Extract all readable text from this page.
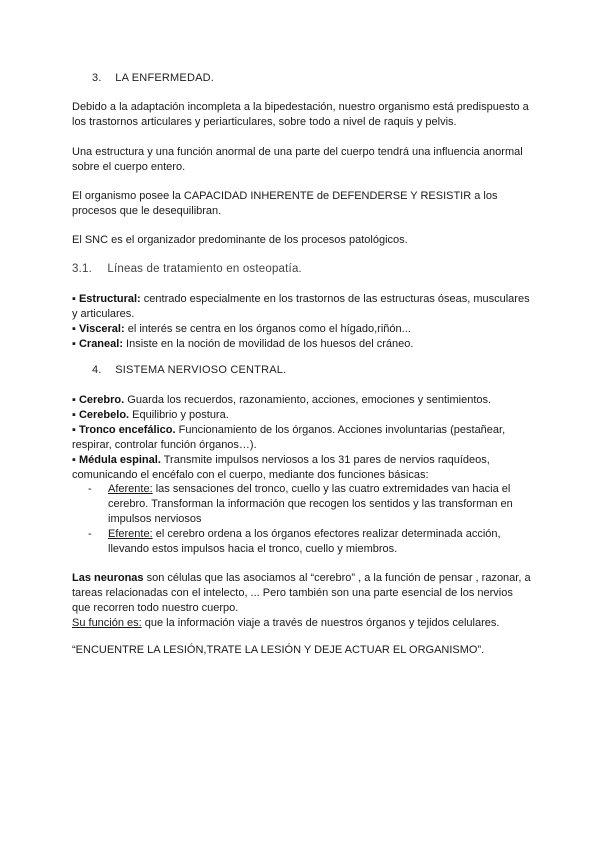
3. LA ENFERMEDAD.

Debido a la adaptación incompleta a la bipedestación, nuestro organismo está predispuesto a los trastornos articulares y periarticulares, sobre todo a nivel de raquis y pelvis.

Una estructura y una función anormal de una parte del cuerpo tendrá una influencia anormal sobre el cuerpo entero.

El organismo posee la CAPACIDAD INHERENTE de DEFENDERSE Y RESISTIR a los procesos que le desequilibran.

El SNC es el organizador predominante de los procesos patológicos.

3.1. Líneas de tratamiento en osteopatía.
▪ Estructural: centrado especialmente en los trastornos de las estructuras óseas, musculares y articulares.
▪ Visceral: el interés se centra en los órganos como el hígado,riñón...
▪ Craneal: Insiste en la noción de movilidad de los huesos del cráneo.
4. SISTEMA NERVIOSO CENTRAL.
▪ Cerebro. Guarda los recuerdos, razonamiento, acciones, emociones y sentimientos.
▪ Cerebelo. Equilibrio y postura.
▪ Tronco encefálico. Funcionamiento de los órganos. Acciones involuntarias (pestañear, respirar, controlar función órganos…).
▪ Médula espinal. Transmite impulsos nerviosos a los 31 pares de nervios raquídeos, comunicando el encéfalo con el cuerpo, mediante dos funciones básicas:
- Aferente: las sensaciones del tronco, cuello y las cuatro extremidades van hacia el cerebro. Transforman la información que recogen los sentidos y las transforman en impulsos nerviosos
- Eferente: el cerebro ordena a los órganos efectores realizar determinada acción, llevando estos impulsos hacia el tronco, cuello y miembros.
Las neuronas son células que las asociamos al “cerebro” , a la función de pensar , razonar, a tareas relacionadas con el intelecto, ... Pero también son una parte esencial de los nervios que recorren todo nuestro cuerpo.
Su función es: que la información viaje a través de nuestros órganos y tejidos celulares.
“ENCUENTRE LA LESIÓN,TRATE LA LESIÓN Y DEJE ACTUAR EL ORGANISMO”.
